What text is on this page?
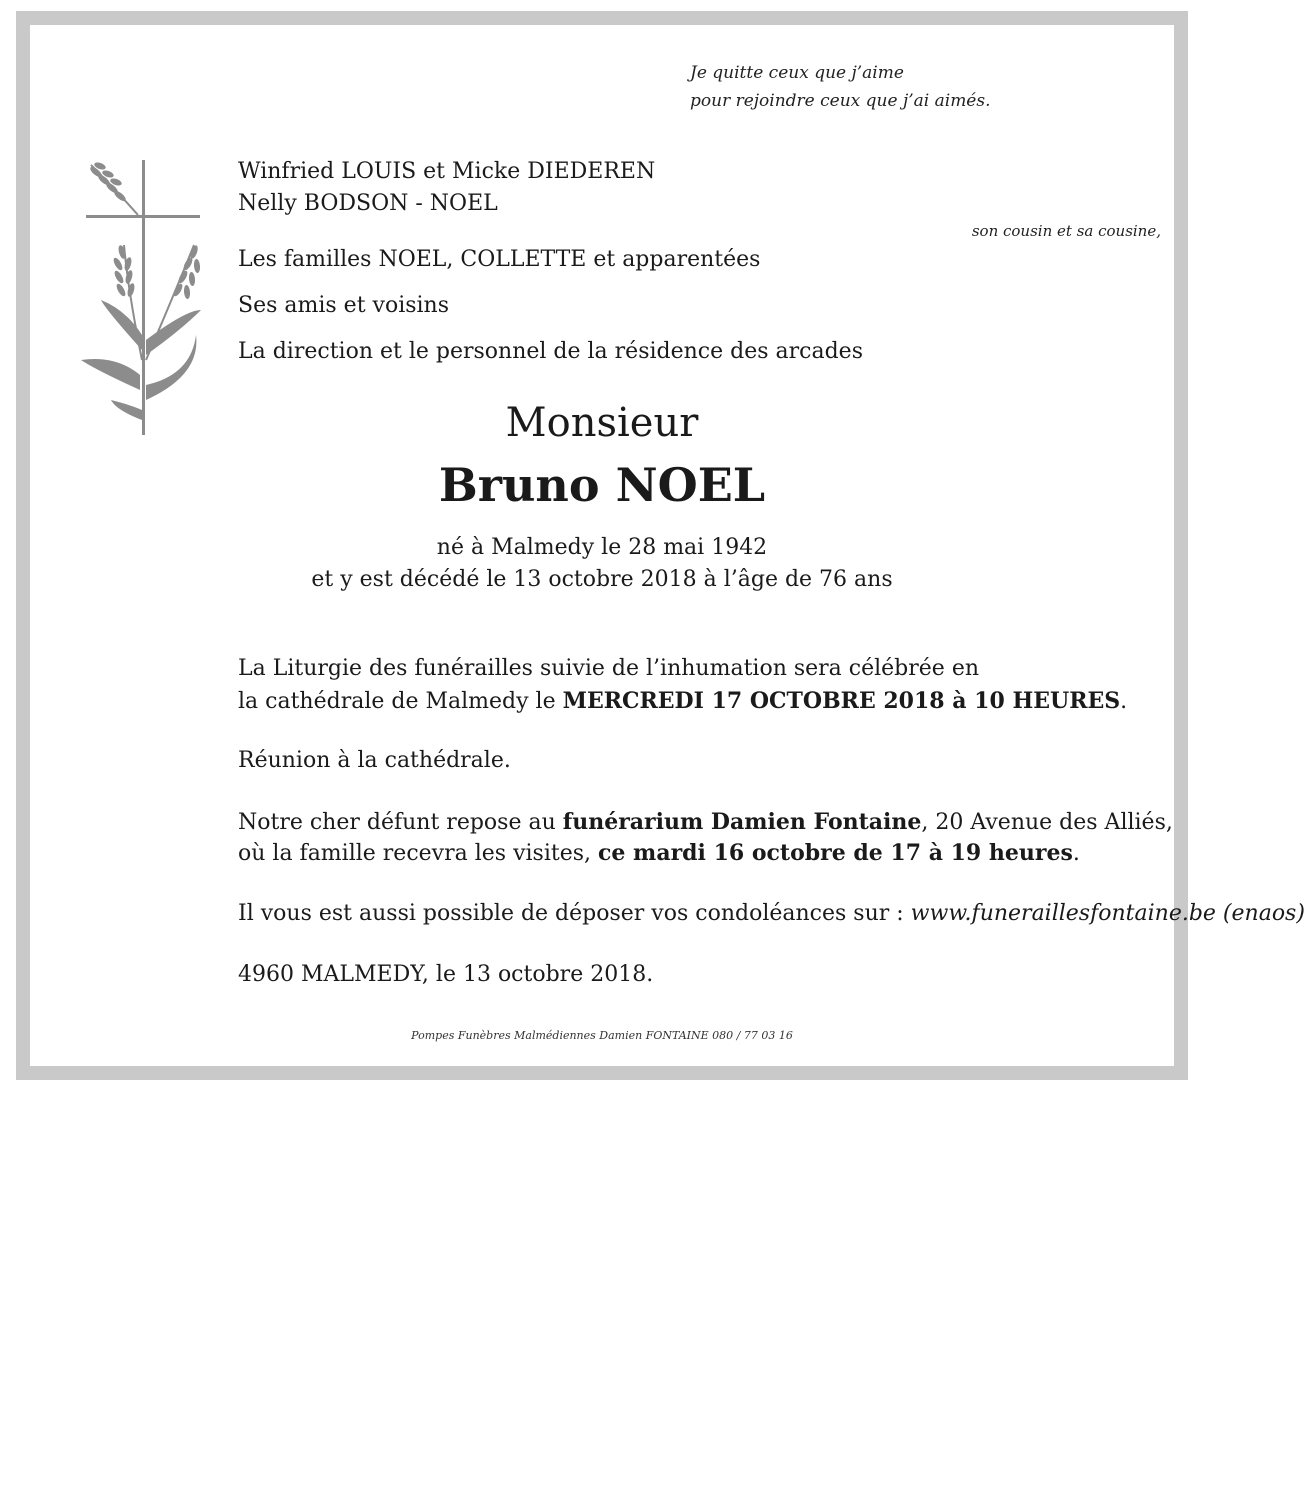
Je quitte ceux que j’aime
pour rejoindre ceux que j’ai aimés.
Winfried LOUIS et Micke DIEDEREN
Nelly BODSON - NOEL
son cousin et sa cousine,
Les familles NOEL, COLLETTE et apparentées
Ses amis et voisins
La direction et le personnel de la résidence des arcades
Monsieur
Bruno NOEL
né à Malmedy le 28 mai 1942
et y est décédé le 13 octobre 2018 à l’âge de 76 ans
La Liturgie des funérailles suivie de l’inhumation sera célébrée en
la cathédrale de Malmedy le MERCREDI 17 OCTOBRE 2018 à 10 HEURES.
Réunion à la cathédrale.
Notre cher défunt repose au funérarium Damien Fontaine, 20 Avenue des Alliés,
où la famille recevra les visites, ce mardi 16 octobre de 17 à 19 heures.
Il vous est aussi possible de déposer vos condoléances sur : www.funeraillesfontaine.be (enaos)
4960 MALMEDY, le 13 octobre 2018.
Pompes Funèbres Malmédiennes Damien FONTAINE 080 / 77 03 16
